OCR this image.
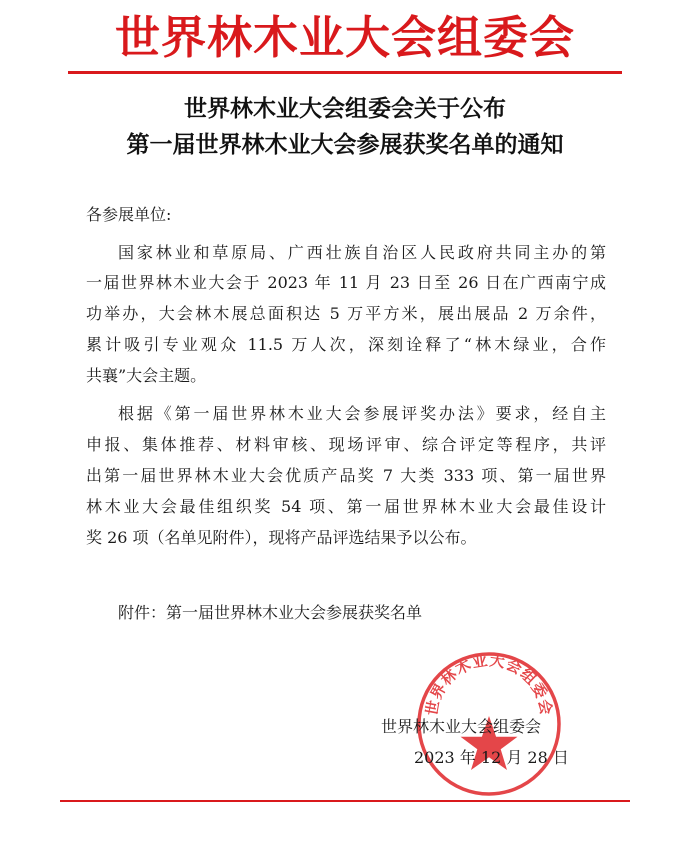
世界林木业大会组委会
世界林木业大会组委会关于公布
第一届世界林木业大会参展获奖名单的通知
各参展单位:
国家林业和草原局、广西壮族自治区人民政府共同主办的第
一届世界林木业大会于 2023 年 11 月 23 日至 26 日在广西南宁成
功举办，大会林木展总面积达 5 万平方米，展出展品 2 万余件，
累计吸引专业观众 11.5 万人次，深刻诠释了“林木绿业，合作
共襄”大会主题。
根据《第一届世界林木业大会参展评奖办法》要求，经自主
申报、集体推荐、材料审核、现场评审、综合评定等程序，共评
出第一届世界林木业大会优质产品奖 7 大类 333 项、第一届世界
林木业大会最佳组织奖 54 项、第一届世界林木业大会最佳设计
奖 26 项（名单见附件），现将产品评选结果予以公布。
附件：第一届世界林木业大会参展获奖名单
世界林木业大会组委会
世界林木业大会组委会
2023 年 12 月 28 日
